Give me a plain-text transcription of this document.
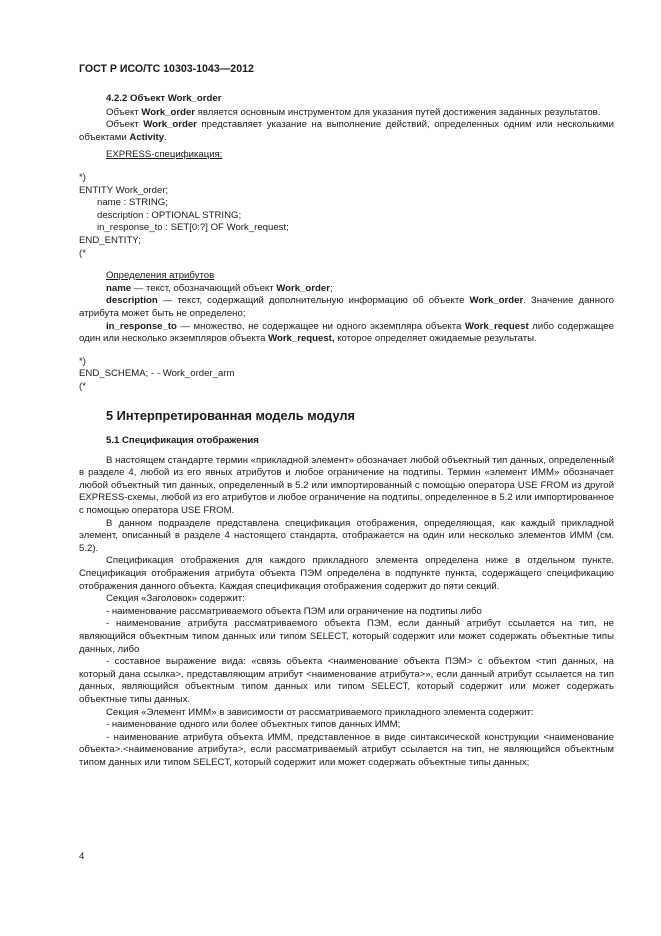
ГОСТ Р ИСО/ТС 10303-1043—2012

4.2.2 Объект Work_order

Объект Work_order является основным инструментом для указания путей достижения заданных результатов.

Объект Work_order представляет указание на выполнение действий, определенных одним или несколькими объектами Activity.

EXPRESS-спецификация:

*)

ENTITY Work_order;

name : STRING;

description : OPTIONAL STRING;

in_response_to : SET[0:?] OF Work_request;

END_ENTITY;

(*

Определения атрибутов

name — текст, обозначающий объект Work_order;

description — текст, содержащий дополнительную информацию об объекте Work_order. Значение данного атрибута может быть не определено;

in_response_to — множество, не содержащее ни одного экземпляра объекта Work_request либо содержащее один или несколько экземпляров объекта Work_request, которое определяет ожидаемые результаты.

*)

END_SCHEMA; - - Work_order_arm

(*

5 Интерпретированная модель модуля

5.1 Спецификация отображения

В настоящем стандарте термин «прикладной элемент» обозначает любой объектный тип данных, определенный в разделе 4, любой из его явных атрибутов и любое ограничение на подтипы. Термин «элемент ИММ» обозначает любой объектный тип данных, определенный в 5.2 или импортированный с помощью оператора USE FROM из другой EXPRESS-схемы, любой из его атрибутов и любое ограничение на подтипы, определенное в 5.2 или импортированное с помощью оператора USE FROM.

В данном подразделе представлена спецификация отображения, определяющая, как каждый прикладной элемент, описанный в разделе 4 настоящего стандарта, отображается на один или несколько элементов ИММ (см. 5.2).

Спецификация отображения для каждого прикладного элемента определена ниже в отдельном пункте. Спецификация отображения атрибута объекта ПЭМ определена в подпункте пункта, содержащего спецификацию отображения данного объекта. Каждая спецификация отображения содержит до пяти секций.

Секция «Заголовок» содержит:

- наименование рассматриваемого объекта ПЭМ или ограничение на подтипы либо

- наименование атрибута рассматриваемого объекта ПЭМ, если данный атрибут ссылается на тип, не являющийся объектным типом данных или типом SELECT, который содержит или может содержать объектные типы данных, либо

- составное выражение вида: «связь объекта <наименование объекта ПЭМ> с объектом <тип данных, на который дана ссылка>, представляющим атрибут <наименование атрибута>», если данный атрибут ссылается на тип данных, являющийся объектным типом данных или типом SELECT, который содержит или может содержать объектные типы данных.

Секция «Элемент ИММ» в зависимости от рассматриваемого прикладного элемента содержит:

- наименование одного или более объектных типов данных ИММ;

- наименование атрибута объекта ИММ, представленное в виде синтаксической конструкции <наименование объекта>.<наименование атрибута>, если рассматриваемый атрибут ссылается на тип, не являющийся объектным типом данных или типом SELECT, который содержит или может содержать объектные типы данных;

4
